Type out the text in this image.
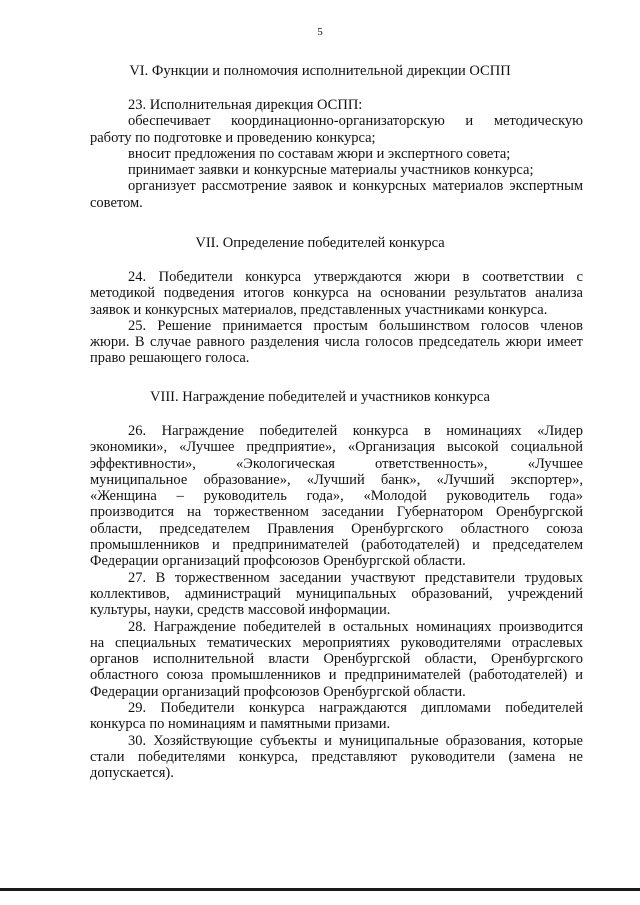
5
VI. Функции и полномочия исполнительной дирекции ОСПП
23. Исполнительная дирекция ОСПП:
обеспечивает координационно-организаторскую и методическую
работу по подготовке и проведению конкурса;
вносит предложения по составам жюри и экспертного совета;
принимает заявки и конкурсные материалы участников конкурса;
организует рассмотрение заявок и конкурсных материалов экспертным
советом.
VII. Определение победителей конкурса
24. Победители конкурса утверждаются жюри в соответствии с
методикой подведения итогов конкурса на основании результатов анализа
заявок и конкурсных материалов, представленных участниками конкурса.
25. Решение принимается простым большинством голосов членов
жюри. В случае равного разделения числа голосов председатель жюри имеет
право решающего голоса.
VIII. Награждение победителей и участников конкурса
26. Награждение победителей конкурса в номинациях «Лидер
экономики», «Лучшее предприятие», «Организация высокой социальной
эффективности», «Экологическая ответственность», «Лучшее
муниципальное образование», «Лучший банк», «Лучший экспортер»,
«Женщина – руководитель года», «Молодой руководитель года»
производится на торжественном заседании Губернатором Оренбургской
области, председателем Правления Оренбургского областного союза
промышленников и предпринимателей (работодателей) и председателем
Федерации организаций профсоюзов Оренбургской области.
27. В торжественном заседании участвуют представители трудовых
коллективов, администраций муниципальных образований, учреждений
культуры, науки, средств массовой информации.
28. Награждение победителей в остальных номинациях производится
на специальных тематических мероприятиях руководителями отраслевых
органов исполнительной власти Оренбургской области, Оренбургского
областного союза промышленников и предпринимателей (работодателей) и
Федерации организаций профсоюзов Оренбургской области.
29. Победители конкурса награждаются дипломами победителей
конкурса по номинациям и памятными призами.
30. Хозяйствующие субъекты и муниципальные образования, которые
стали победителями конкурса, представляют руководители (замена не
допускается).
